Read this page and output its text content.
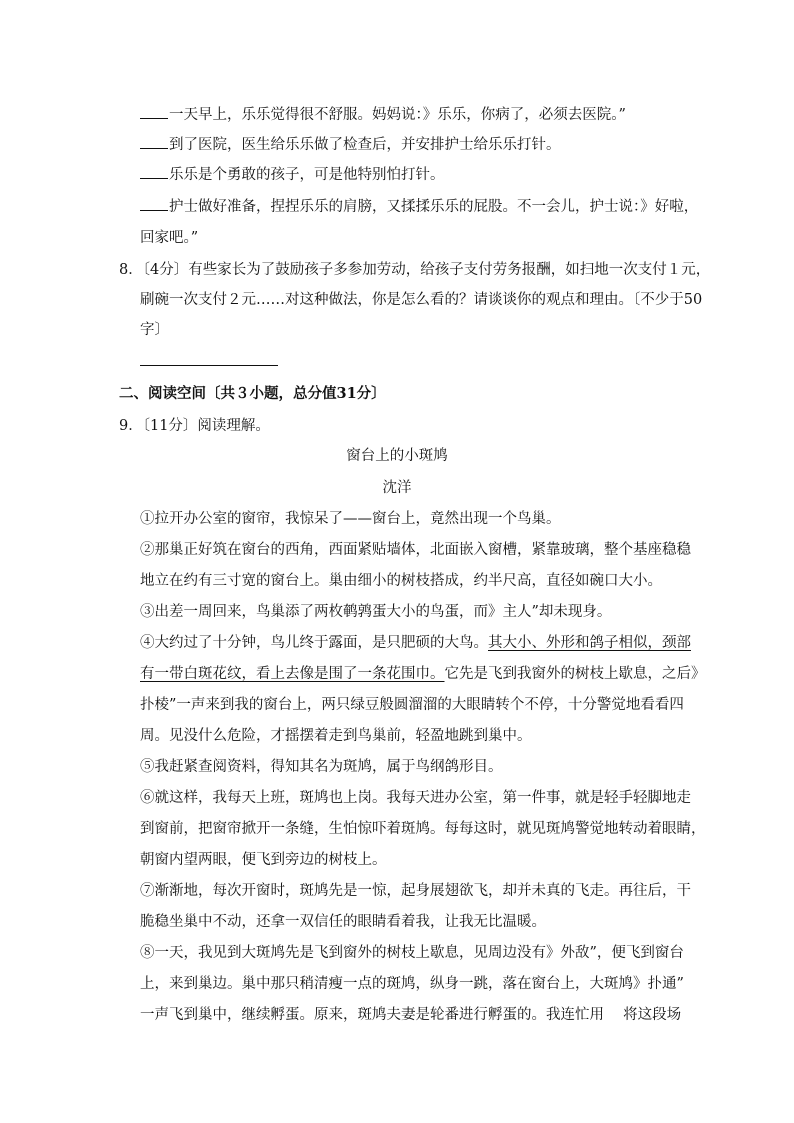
一天早上，乐乐觉得很不舒服。妈妈说：》乐乐，你病了，必须去医院。”
到了医院，医生给乐乐做了检查后，并安排护士给乐乐打针。
乐乐是个勇敢的孩子，可是他特别怕打针。
护士做好准备，捏捏乐乐的肩膀，又揉揉乐乐的屁股。不一会儿，护士说：》好啦，
回家吧。”
8．〔4分〕有些家长为了鼓励孩子多参加劳动，给孩子支付劳务报酬，如扫地一次支付１元，
刷碗一次支付２元……对这种做法，你是怎么看的？请谈谈你的观点和理由。〔不少于50
字〕
二、阅读空间〔共３小题，总分值31分〕
9．〔11分〕阅读理解。
窗台上的小斑鸠
沈洋
①拉开办公室的窗帘，我惊呆了——窗台上，竟然出现一个鸟巢。
②那巢正好筑在窗台的西角，西面紧贴墙体，北面嵌入窗槽，紧靠玻璃，整个基座稳稳
地立在约有三寸宽的窗台上。巢由细小的树枝搭成，约半尺高，直径如碗口大小。
③出差一周回来，鸟巢添了两枚鹌鹑蛋大小的鸟蛋，而》主人”却未现身。
④大约过了十分钟，鸟儿终于露面，是只肥硕的大鸟。其大小、外形和鸽子相似，颈部
有一带白斑花纹，看上去像是围了一条花围巾。它先是飞到我窗外的树枝上歇息，之后》
扑棱”一声来到我的窗台上，两只绿豆般圆溜溜的大眼睛转个不停，十分警觉地看看四
周。见没什么危险，才摇摆着走到鸟巢前，轻盈地跳到巢中。
⑤我赶紧查阅资料，得知其名为斑鸠，属于鸟纲鸽形目。
⑥就这样，我每天上班，斑鸠也上岗。我每天进办公室，第一件事，就是轻手轻脚地走
到窗前，把窗帘掀开一条缝，生怕惊吓着斑鸠。每每这时，就见斑鸠警觉地转动着眼睛，
朝窗内望两眼，便飞到旁边的树枝上。
⑦渐渐地，每次开窗时，斑鸠先是一惊，起身展翅欲飞，却并未真的飞走。再往后，干
脆稳坐巢中不动，还拿一双信任的眼睛看着我，让我无比温暖。
⑧一天，我见到大斑鸠先是飞到窗外的树枝上歇息，见周边没有》外敌”，便飞到窗台
上，来到巢边。巢中那只稍清瘦一点的斑鸠，纵身一跳，落在窗台上，大斑鸠》扑通”
一声飞到巢中，继续孵蛋。原来，斑鸠夫妻是轮番进行孵蛋的。我连忙用　 将这段场
